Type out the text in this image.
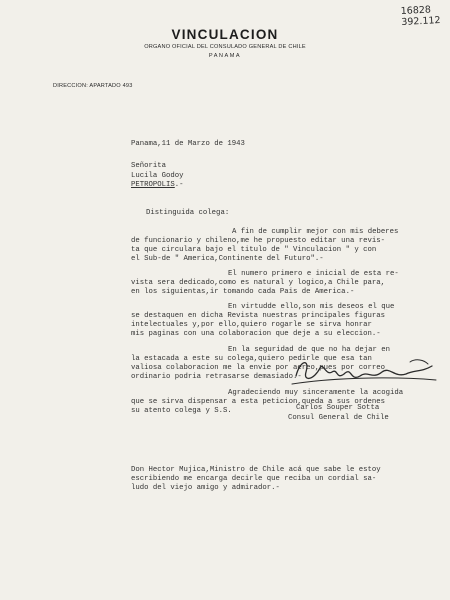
16828
392.112
VINCULACION
ORGANO OFICIAL DEL CONSULADO GENERAL DE CHILE
PANAMA
DIRECCION: APARTADO 493
Panama,11 de Marzo de 1943
Señorita
Lucila Godoy
PETROPOLIS.-
Distinguida colega:
A fin de cumplir mejor con mis deberes
de funcionario y chileno,me he propuesto editar una revis-
ta que circulara bajo el titulo de " Vinculacion " y con
el Sub-de " America,Continente del Futuro".-
El numero primero e inicial de esta re-
vista sera dedicado,como es natural y logico,a Chile para,
en los siguientas,ir tomando cada Pais de America.-
En virtudde ello,son mis deseos el que
se destaquen en dicha Revista nuestras principales figuras
intelectuales y,por ello,quiero rogarle se sirva honrar
mis paginas con una colaboracion que deje a su eleccion.-
En la seguridad de que no ha dejar en
la estacada a este su colega,quiero pedirle que esa tan
valiosa colaboracion me la envie por aereo,pues por correo
ordinario podria retrasarse demasiado.-
Agradeciendo muy sinceramente la acogida
que se sirva dispensar a esta peticion,queda a sus ordenes
su atento colega y S.S.	Carlos Souper Sotta
Consul General de Chile
Don Hector Mujica,Ministro de Chile acá que sabe le estoy
escribiendo me encarga decirle que reciba un cordial sa-
ludo del viejo amigo y admirador.-
